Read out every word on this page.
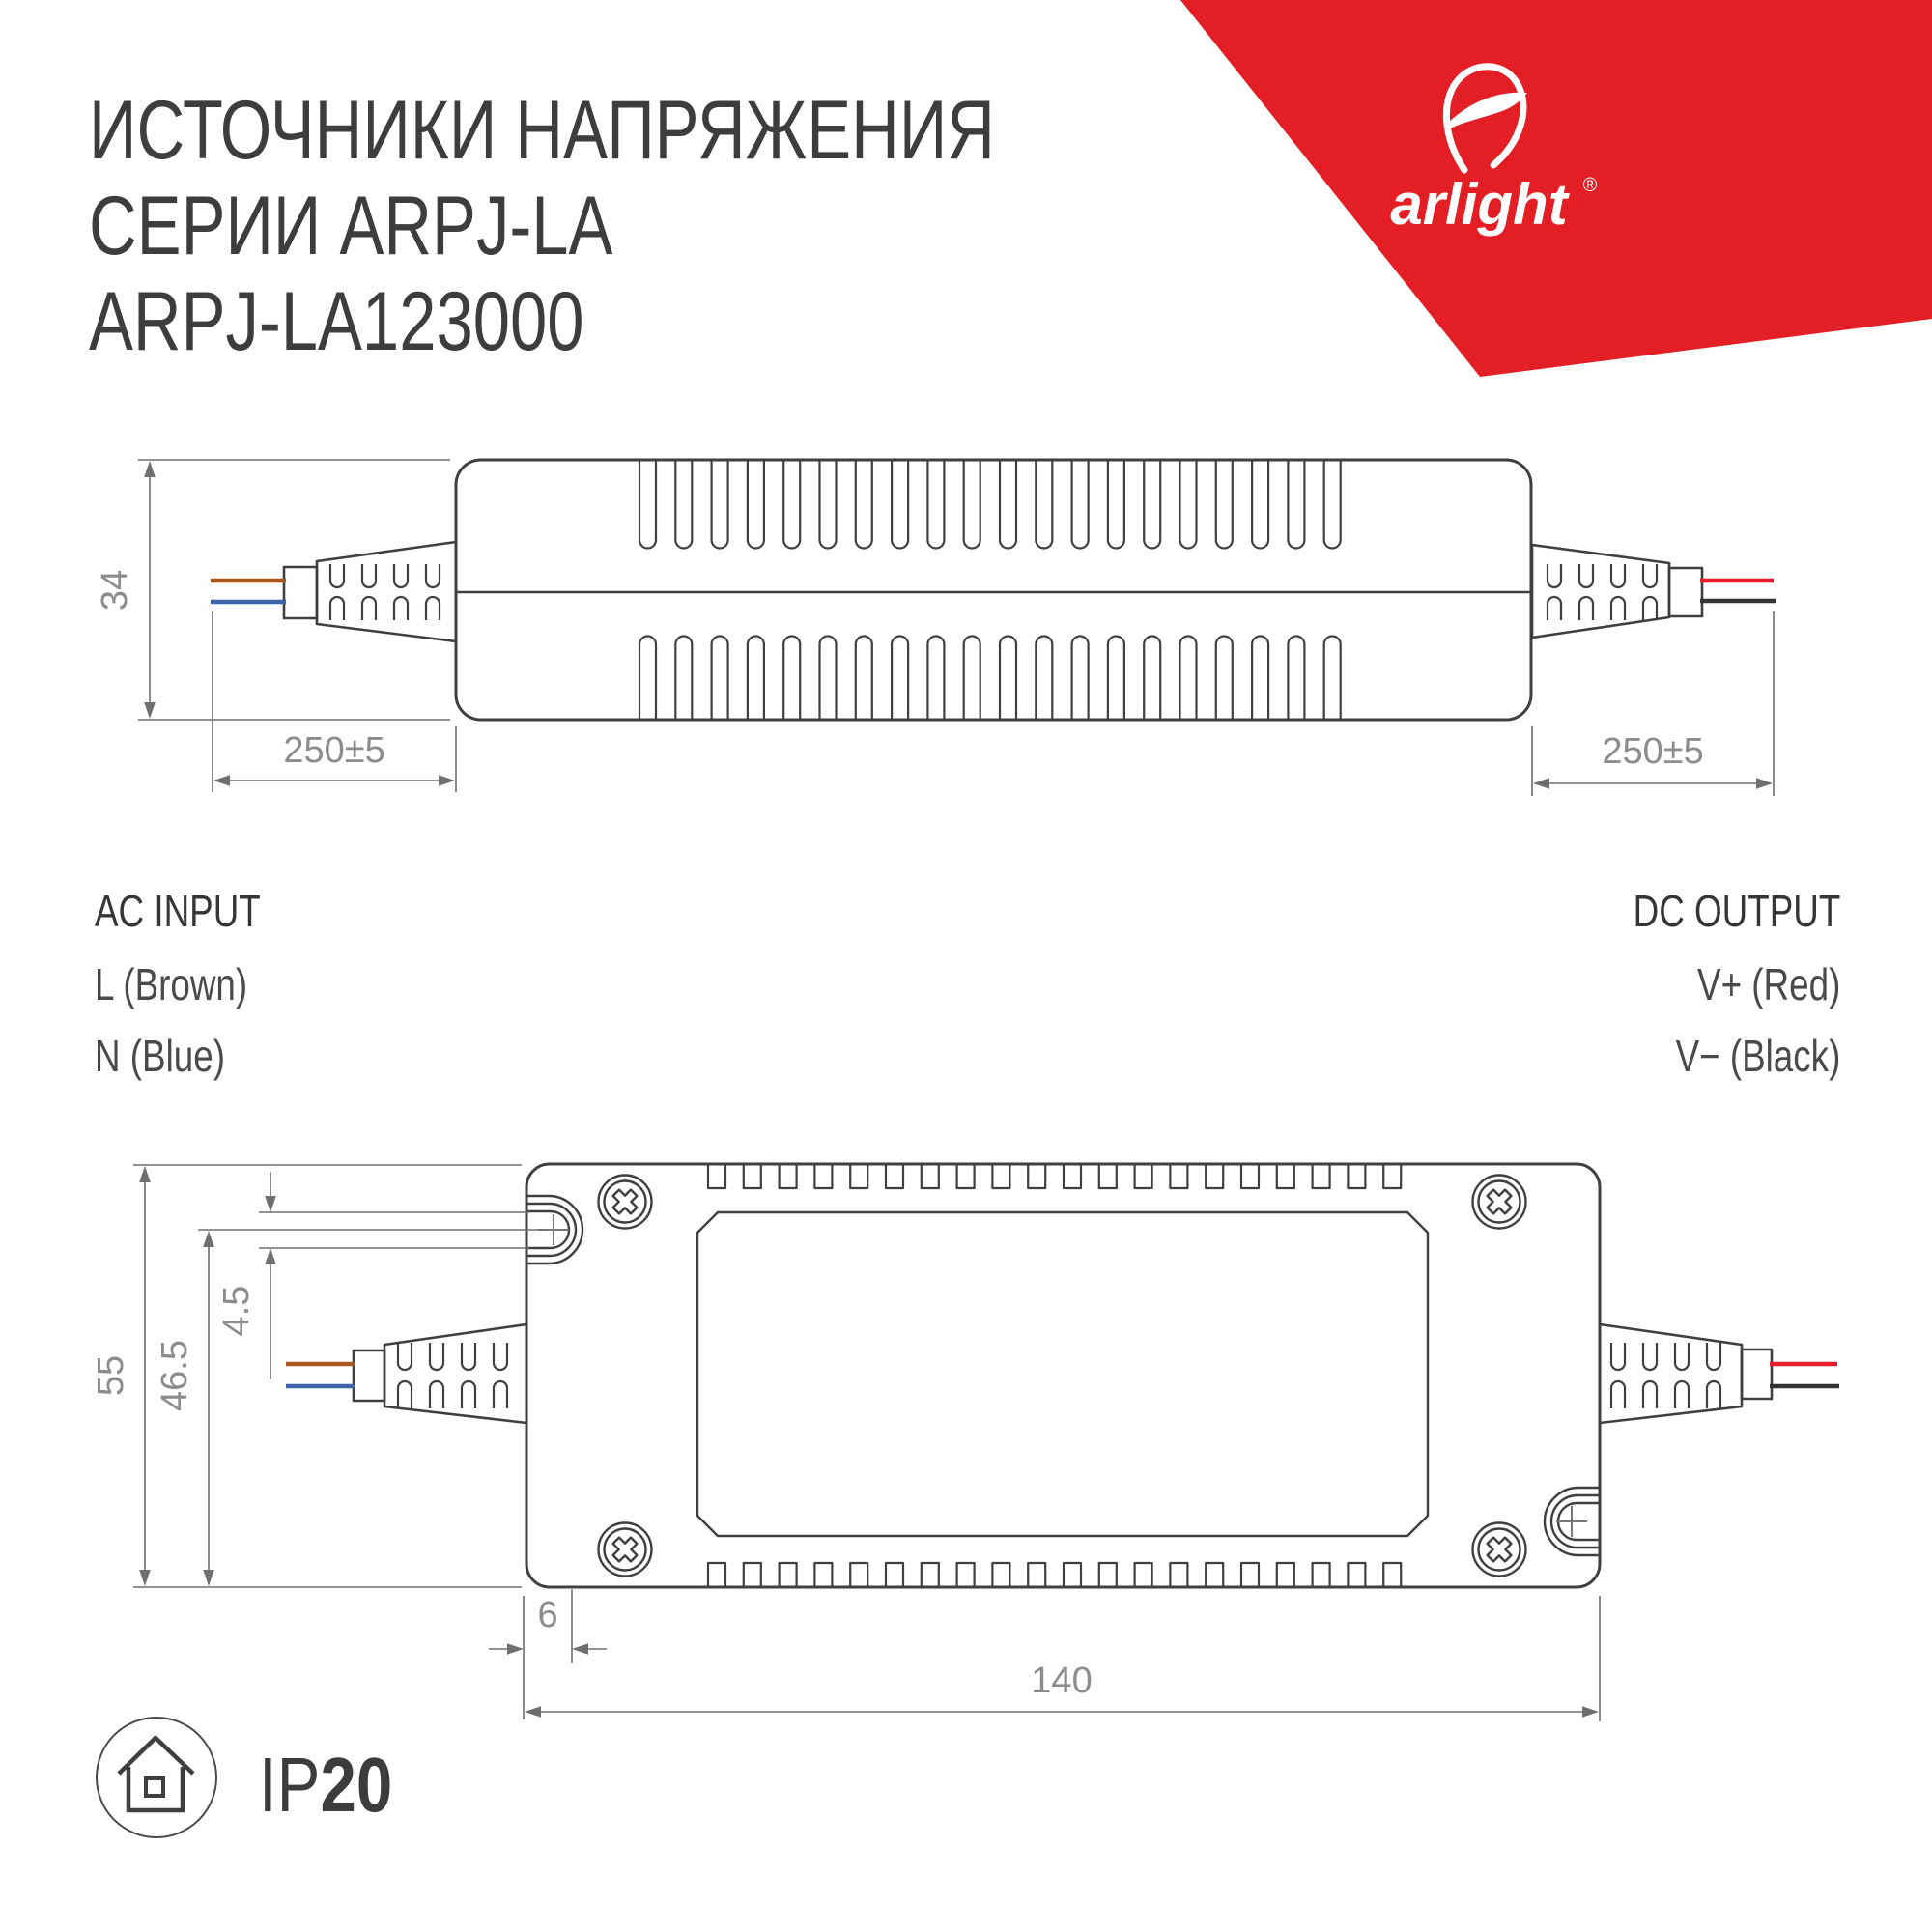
arlight ®
34
250±5	250±5
55 46.5
4.5
6
140
ИСТОЧНИКИ НАПРЯЖЕНИЯ
СЕРИИ ARPJ-LA
ARPJ-LA123000
AC INPUT
L (Brown)
N (Blue)
DC OUTPUT
V+ (Red)
V− (Black)
IP20
